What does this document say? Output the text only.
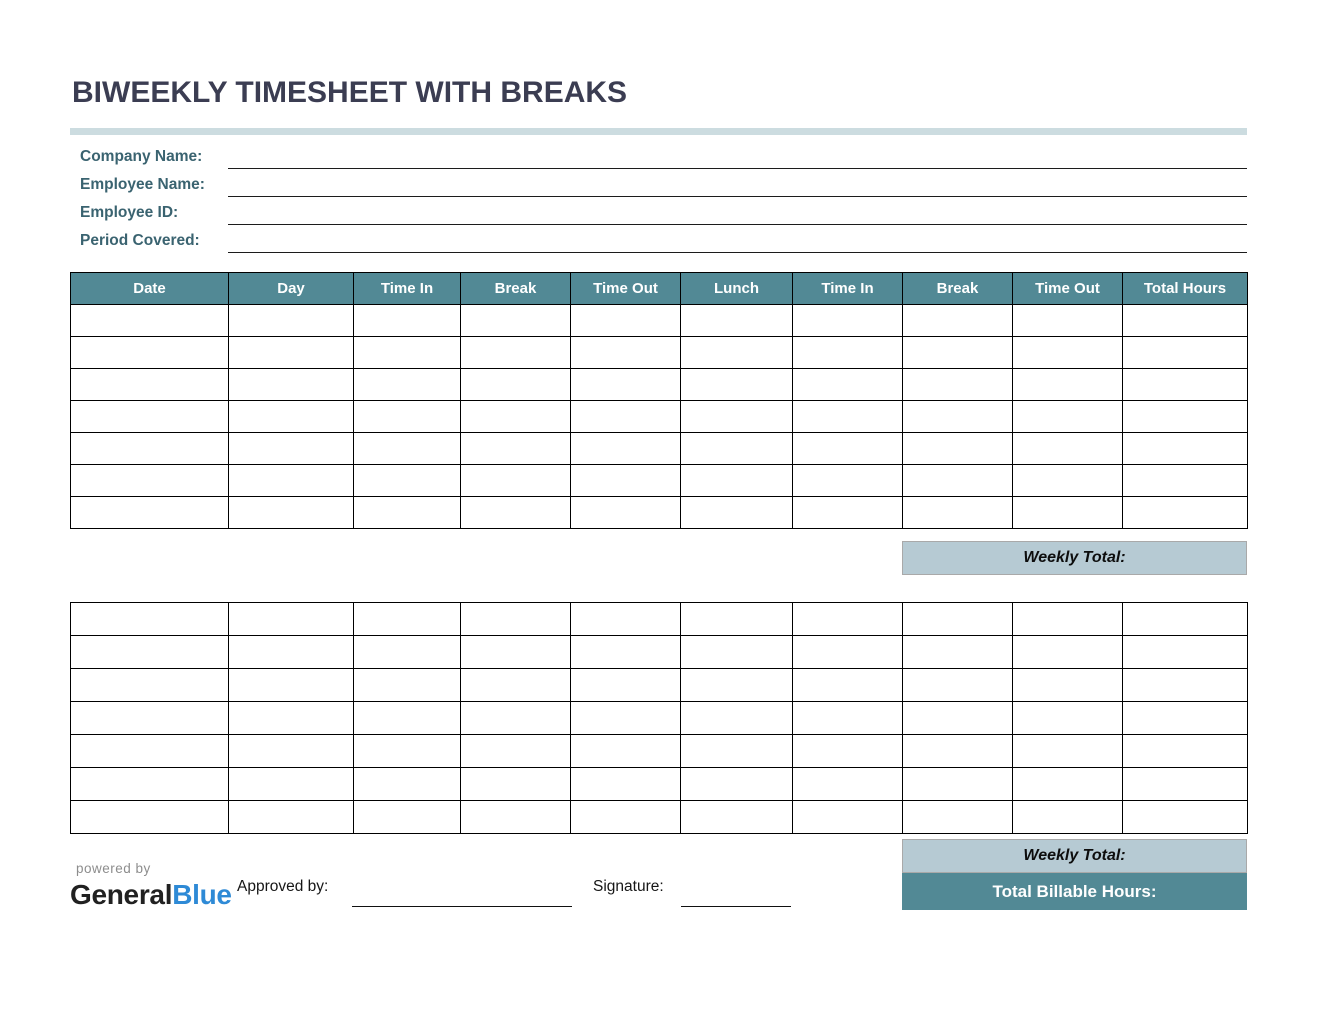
BIWEEKLY TIMESHEET WITH BREAKS
Company Name:
Employee Name:
Employee ID:
Period Covered:
Date	Day	Time In	Break	Time Out	Lunch	Time In	Break	Time Out	Total Hours

Weekly Total:

Weekly Total:
Total Billable Hours:
powered by
GeneralBlue Approved by:	Signature:
